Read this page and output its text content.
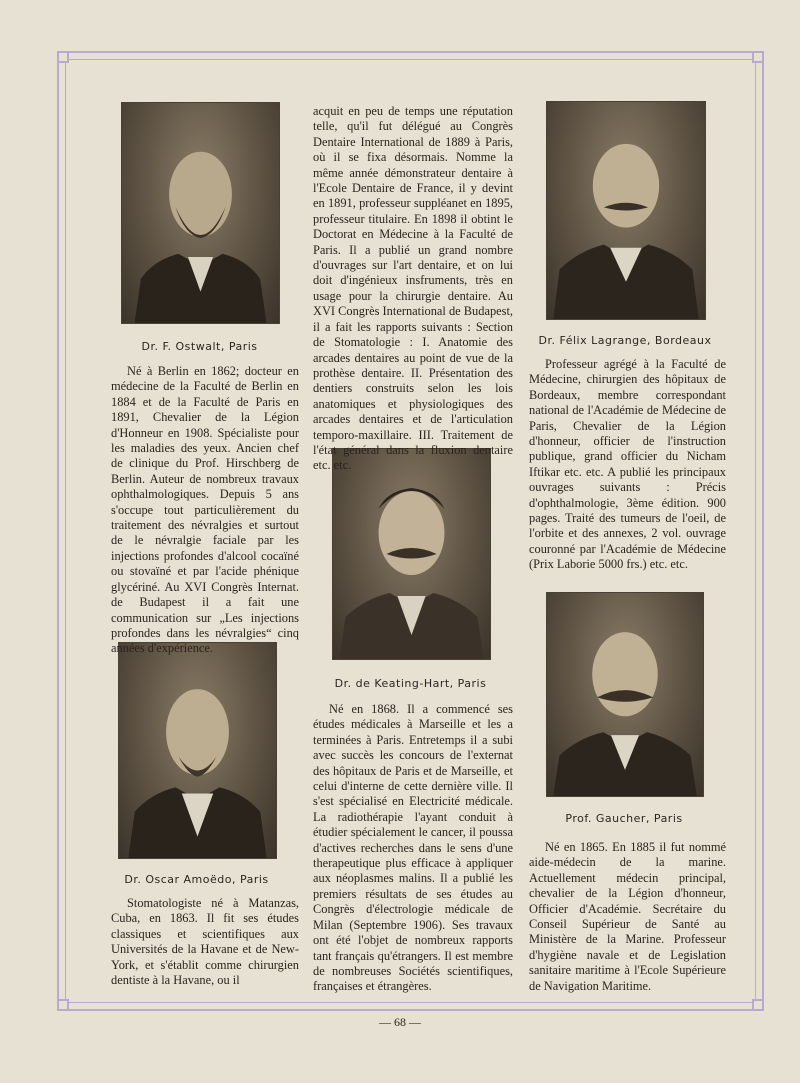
Dr. F. Ostwalt, Paris
Dr. Oscar Amoëdo, Paris
Dr. de Keating-Hart, Paris
Dr. Félix Lagrange, Bordeaux
Prof. Gaucher, Paris

Né à Berlin en 1862; docteur en médecine de la Faculté de Berlin en 1884 et de la Faculté de Paris en 1891, Chevalier de la Légion d'Honneur en 1908. Spécialiste pour les maladies des yeux. Ancien chef de clinique du Prof. Hirschberg de Berlin. Auteur de nombreux travaux ophthalmologiques. Depuis 5 ans s'occupe tout particulièrement du traitement des névralgies et surtout de le névralgie faciale par les injections profondes d'alcool cocaïné ou stovaïné et par l'acide phénique glycériné. Au XVI Congrès Internat. de Budapest il a fait une communication sur „Les injections profondes dans les névralgies“ cinq années d'expérience.

Stomatologiste né à Matanzas, Cuba, en 1863. Il fit ses études classiques et scientifiques aux Universités de la Havane et de New-York, et s'établit comme chirurgien dentiste à la Havane, ou il

acquit en peu de temps une réputation telle, qu'il fut délégué au Congrès Dentaire International de 1889 à Paris, où il se fixa désormais. Nomme la même année démonstrateur dentaire à l'Ecole Dentaire de France, il y devint en 1891, professeur suppléanet en 1895, professeur titulaire. En 1898 il obtint le Doctorat en Médecine à la Faculté de Paris. Il a publié un grand nombre d'ouvrages sur l'art dentaire, et on lui doit d'ingénieux insfruments, très en usage pour la chirurgie dentaire. Au XVI Congrès International de Budapest, il a fait les rapports suivants : Section de Stomatologie : I. Anatomie des arcades dentaires au point de vue de la prothèse dentaire. II. Présentation des dentiers construits selon les lois anatomiques et physiologiques des arcades dentaires et de l'articulation temporo-maxillaire. III. Traitement de l'état général dans la fluxion dentaire etc. etc.

Né en 1868. Il a commencé ses études médicales à Marseille et les a terminées à Paris. Entretemps il a subi avec succès les concours de l'externat des hôpitaux de Paris et de Marseille, et celui d'interne de cette dernière ville. Il s'est spécialisé en Electricité médicale. La radiothérapie l'ayant conduit à étudier spécialement le cancer, il poussa d'actives recherches dans le sens d'une therapeutique plus efficace à appliquer aux néoplasmes malins. Il a publié les premiers résultats de ses études au Congrès d'électrologie médicale de Milan (Septembre 1906). Ses travaux ont été l'objet de nombreux rapports tant français qu'étrangers. Il est membre de nombreuses Sociétés scientifiques, françaises et étrangères.

Professeur agrégé à la Faculté de Médecine, chirurgien des hôpitaux de Bordeaux, membre correspondant national de l'Académie de Médecine de Paris, Chevalier de la Légion d'honneur, officier de l'instruction publique, grand officier du Nicham Iftikar etc. etc. A publié les principaux ouvrages suivants : Précis d'ophthalmologie, 3ème édition. 900 pages. Traité des tumeurs de l'oeil, de l'orbite et des annexes, 2 vol. ouvrage couronné par l'Académie de Médecine (Prix Laborie 5000 frs.) etc. etc.

Né en 1865. En 1885 il fut nommé aide-médecin de la marine. Actuellement médecin principal, chevalier de la Légion d'honneur, Officier d'Académie. Secrétaire du Conseil Supérieur de Santé au Ministère de la Marine. Professeur d'hygiène navale et de Legislation sanitaire maritime à l'Ecole Supérieure de Navigation Maritime.

— 68 —
